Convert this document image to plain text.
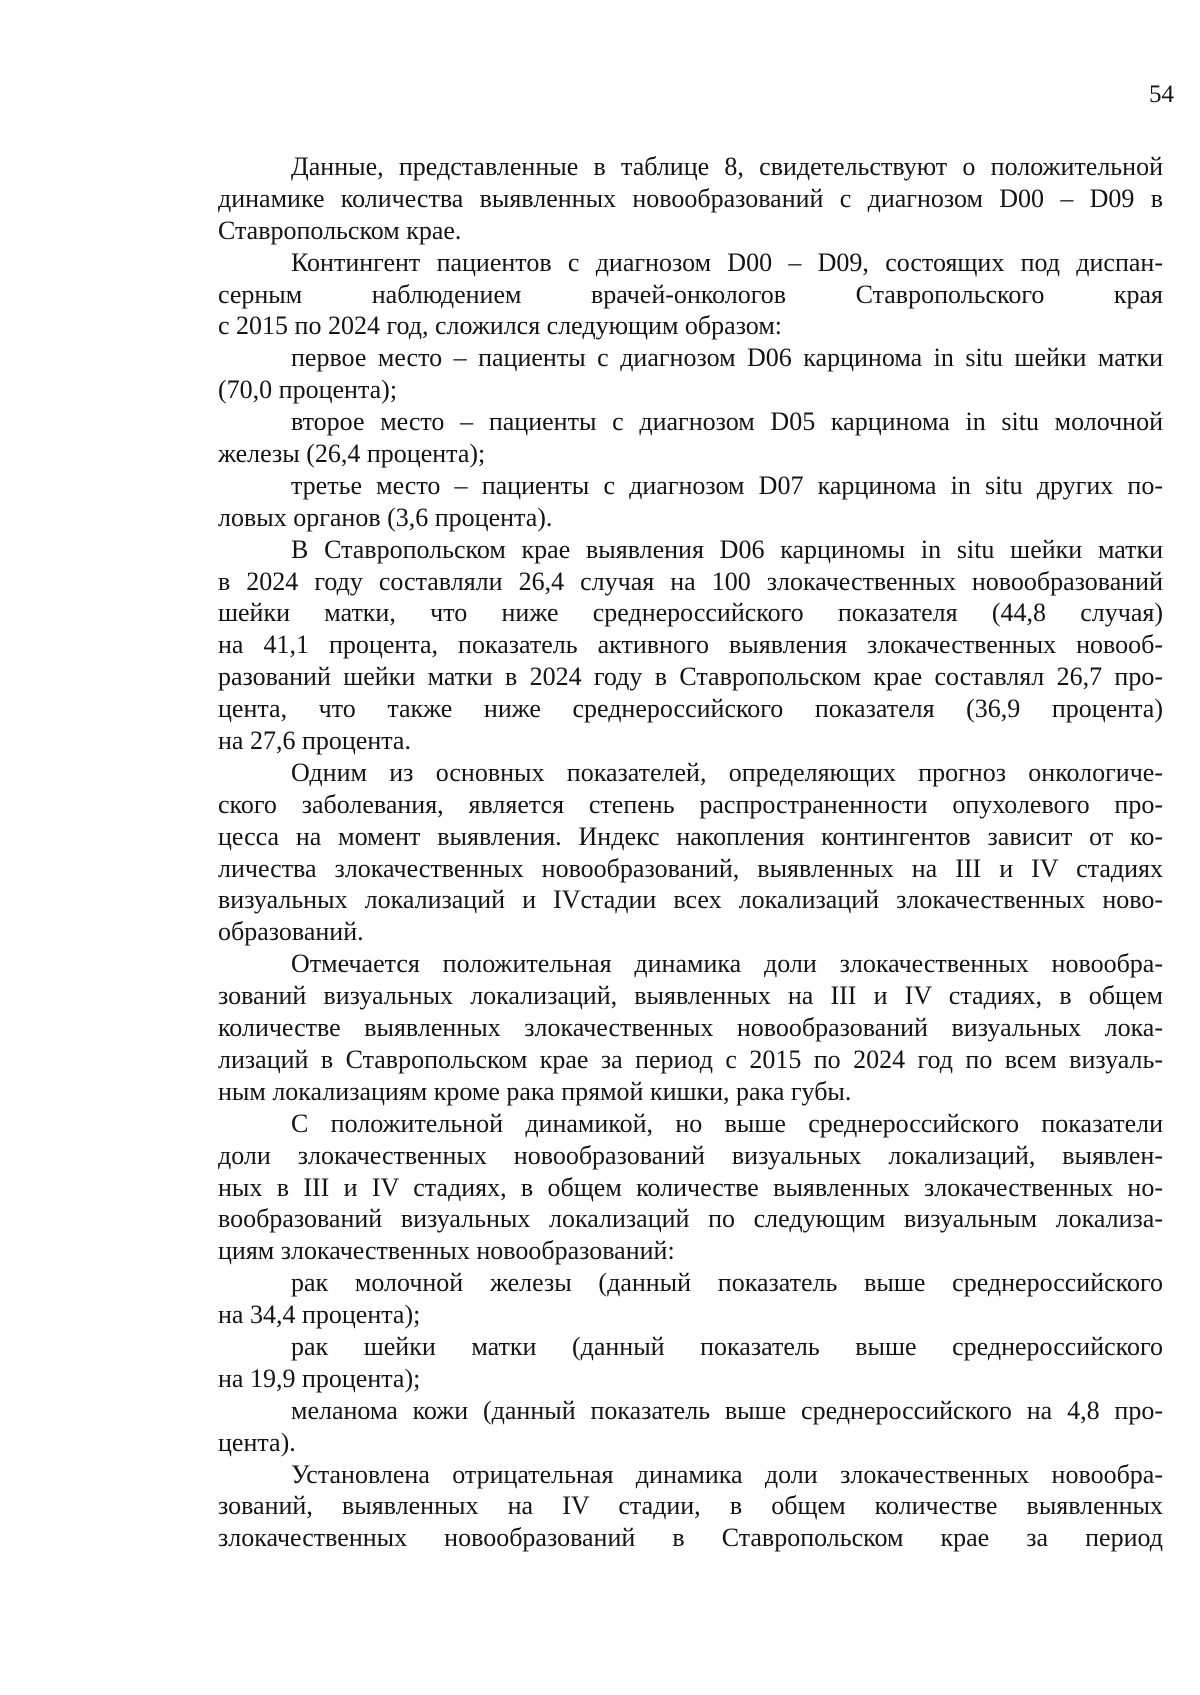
54
Данные, представленные в таблице 8, свидетельствуют о положительной
динамике количества выявленных новообразований с диагнозом D00 – D09 в
Ставропольском крае.
Контингент пациентов с диагнозом D00 – D09, состоящих под диспан-
серным наблюдением врачей-онкологов Ставропольского края
с 2015 по 2024 год, сложился следующим образом:
первое место – пациенты с диагнозом D06 карцинома in situ шейки матки
(70,0 процента);
второе место – пациенты с диагнозом D05 карцинома in situ молочной
железы (26,4 процента);
третье место – пациенты с диагнозом D07 карцинома in situ других по-
ловых органов (3,6 процента).
В Ставропольском крае выявления D06 карциномы in situ шейки матки
в 2024 году составляли 26,4 случая на 100 злокачественных новообразований
шейки матки, что ниже среднероссийского показателя (44,8 случая)
на 41,1 процента, показатель активного выявления злокачественных новооб-
разований шейки матки в 2024 году в Ставропольском крае составлял 26,7 про-
цента, что также ниже среднероссийского показателя (36,9 процента)
на 27,6 процента.
Одним из основных показателей, определяющих прогноз онкологиче-
ского заболевания, является степень распространенности опухолевого про-
цесса на момент выявления. Индекс накопления контингентов зависит от ко-
личества злокачественных новообразований, выявленных на III и IV стадиях
визуальных локализаций и IVстадии всех локализаций злокачественных ново-
образований.
Отмечается положительная динамика доли злокачественных новообра-
зований визуальных локализаций, выявленных на III и IV стадиях, в общем
количестве выявленных злокачественных новообразований визуальных лока-
лизаций в Ставропольском крае за период с 2015 по 2024 год по всем визуаль-
ным локализациям кроме рака прямой кишки, рака губы.
С положительной динамикой, но выше среднероссийского показатели
доли злокачественных новообразований визуальных локализаций, выявлен-
ных в III и IV стадиях, в общем количестве выявленных злокачественных но-
вообразований визуальных локализаций по следующим визуальным локализа-
циям злокачественных новообразований:
рак молочной железы (данный показатель выше среднероссийского
на 34,4 процента);
рак шейки матки (данный показатель выше среднероссийского
на 19,9 процента);
меланома кожи (данный показатель выше среднероссийского на 4,8 про-
цента).
Установлена отрицательная динамика доли злокачественных новообра-
зований, выявленных на IV стадии, в общем количестве выявленных
злокачественных новообразований в Ставропольском крае за период
